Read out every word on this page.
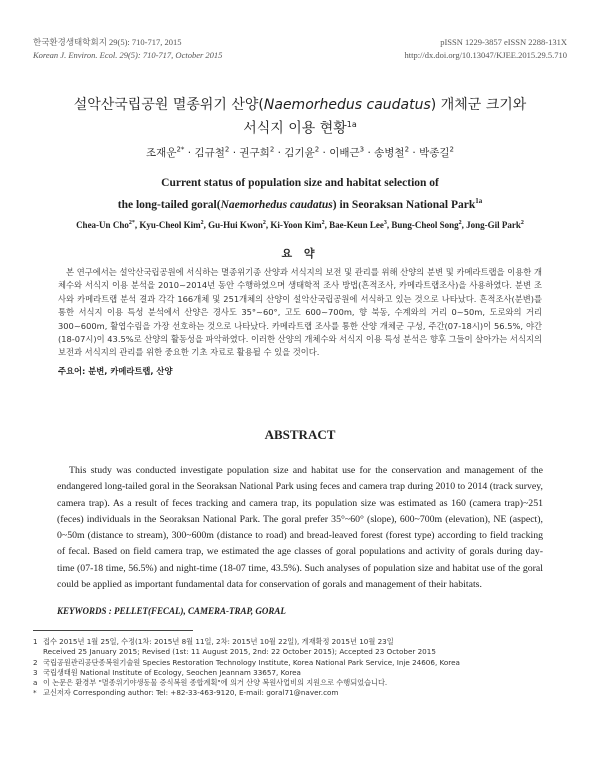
한국환경생태학회지 29(5): 710-717, 2015
Korean J. Environ. Ecol. 29(5): 710-717, October 2015
pISSN 1229-3857 eISSN 2288-131X
http://dx.doi.org/10.13047/KJEE.2015.29.5.710
설악산국립공원 멸종위기 산양(Naemorhedus caudatus) 개체군 크기와
서식지 이용 현황$^{1a}$
조재운$^{2*}$ · 김규철$^2$ · 권구희$^2$ · 김기윤$^2$ · 이배근$^3$ · 송병철$^2$ · 박종길$^2$
Current status of population size and habitat selection of
the long-tailed goral(Naemorhedus caudatus) in Seoraksan National Park$^{1a}$
Chea-Un Cho$^{2*}$, Kyu-Cheol Kim$^2$, Gu-Hui Kwon$^2$, Ki-Yoon Kim$^2$, Bae-Keun Lee$^3$, Bung-Cheol Song$^2$, Jong-Gil Park$^2$
요 약
본 연구에서는 설악산국립공원에 서식하는 멸종위기종 산양과 서식지의 보전 및 관리를 위해 산양의 분변 및 카메라트랩을 이용한 개체수와 서식지 이용 분석을 2010~2014년 동안 수행하였으며 생태학적 조사 방법(흔적조사, 카메라트랩조사)을 사용하였다. 분변 조사와 카메라트랩 분석 결과 각각 166개체 및 251개체의 산양이 설악산국립공원에 서식하고 있는 것으로 나타났다. 흔적조사(분변)를 통한 서식지 이용 특성 분석에서 산양은 경사도 35°~60°, 고도 600~700m, 향 북동, 수계와의 거리 0~50m, 도로와의 거리 300~600m, 활엽수림을 가장 선호하는 것으로 나타났다. 카메라트랩 조사를 통한 산양 개체군 구성, 주간(07-18시)이 56.5%, 야간(18-07시)이 43.5%로 산양의 활동성을 파악하였다. 이러한 산양의 개체수와 서식지 이용 특성 분석은 향후 그들이 살아가는 서식지의 보전과 서식지의 관리를 위한 중요한 기초 자료로 활용될 수 있을 것이다.
주요어: 분변, 카메라트랩, 산양
ABSTRACT
This study was conducted investigate population size and habitat use for the conservation and management of the endangered long-tailed goral in the Seoraksan National Park using feces and camera trap during 2010 to 2014 (track survey, camera trap). As a result of feces tracking and camera trap, its population size was estimated as 160 (camera trap)~251 (feces) individuals in the Seoraksan National Park. The goral prefer 35°~60° (slope), 600~700m (elevation), NE (aspect), 0~50m (distance to stream), 300~600m (distance to road) and bread-leaved forest (forest type) according to field tracking of fecal. Based on field camera trap, we estimated the age classes of goral populations and activity of gorals during day-time (07-18 time, 56.5%) and night-time (18-07 time, 43.5%). Such analyses of population size and habitat use of the goral could be applied as important fundamental data for conservation of gorals and management of their habitats.
KEYWORDS : PELLET(FECAL), CAMERA-TRAP, GORAL
1 접수 2015년 1월 25일, 수정(1차: 2015년 8월 11일, 2차: 2015년 10월 22일), 게재확정 2015년 10월 23일
Received 25 January 2015; Revised (1st: 11 August 2015, 2nd: 22 October 2015); Accepted 23 October 2015
2 국립공원관리공단종복원기술원 Species Restoration Technology Institute, Korea National Park Service, Inje 24606, Korea
3 국립생태원 National Institute of Ecology, Seochen Jeannam 33657, Korea
a 이 논문은 환경부 "멸종위기야생동물 증식복원 종합계획"에 의거 산양 복원사업비의 지원으로 수행되었습니다.
* 교신저자 Corresponding author: Tel: +82-33-463-9120, E-mail: goral71@naver.com
